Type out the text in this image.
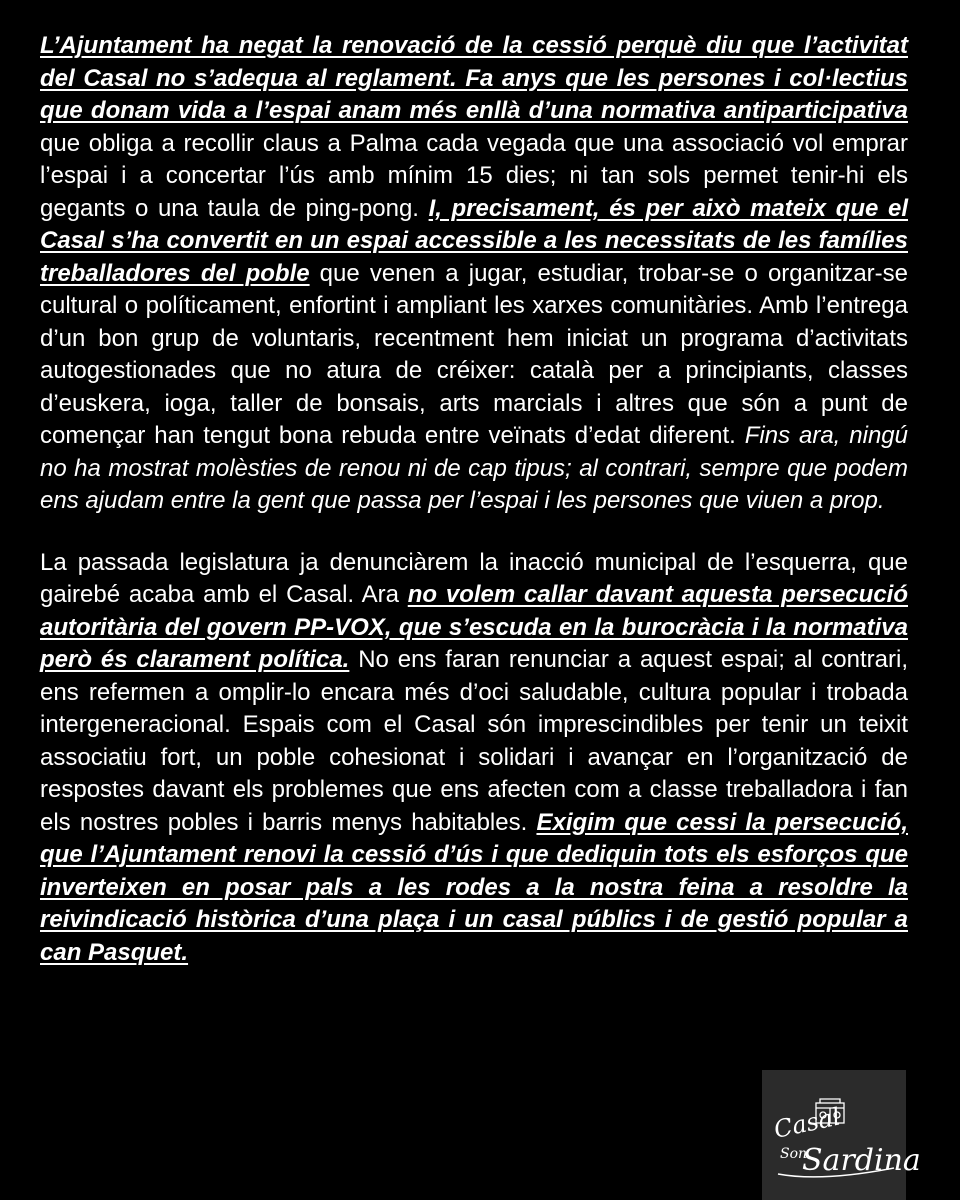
L’Ajuntament ha negat la renovació de la cessió perquè diu que l’activitat del Casal no s’adequa al reglament. Fa anys que les persones i col·lectius que donam vida a l’espai anam més enllà d’una normativa antiparticipativa que obliga a recollir claus a Palma cada vegada que una associació vol emprar l’espai i a concertar l’ús amb mínim 15 dies; ni tan sols permet tenir-hi els gegants o una taula de ping-pong. I, precisament, és per això mateix que el Casal s’ha convertit en un espai accessible a les necessitats de les famílies treballadores del poble que venen a jugar, estudiar, trobar-se o organitzar-se cultural o políticament, enfortint i ampliant les xarxes comunitàries. Amb l’entrega d’un bon grup de voluntaris, recentment hem iniciat un programa d’activitats autogestionades que no atura de créixer: català per a principiants, classes d’euskera, ioga, taller de bonsais, arts marcials i altres que són a punt de començar han tengut bona rebuda entre veïnats d’edat diferent. Fins ara, ningú no ha mostrat molèsties de renou ni de cap tipus; al contrari, sempre que podem ens ajudam entre la gent que passa per l’espai i les persones que viuen a prop.

La passada legislatura ja denunciàrem la inacció municipal de l’esquerra, que gairebé acaba amb el Casal. Ara no volem callar davant aquesta persecució autoritària del govern PP-VOX, que s’escuda en la burocràcia i la normativa però és clarament política. No ens faran renunciar a aquest espai; al contrari, ens refermen a omplir-lo encara més d’oci saludable, cultura popular i trobada intergeneracional. Espais com el Casal són imprescindibles per tenir un teixit associatiu fort, un poble cohesionat i solidari i avançar en l’organització de respostes davant els problemes que ens afecten com a classe treballadora i fan els nostres pobles i barris menys habitables. Exigim que cessi la persecució, que l’Ajuntament renovi la cessió d’ús i que dediquin tots els esforços que inverteixen en posar pals a les rodes a la nostra feina a resoldre la reivindicació històrica d’una plaça i un casal públics i de gestió popular a can Pasquet.

Casal
Son
Sardina
